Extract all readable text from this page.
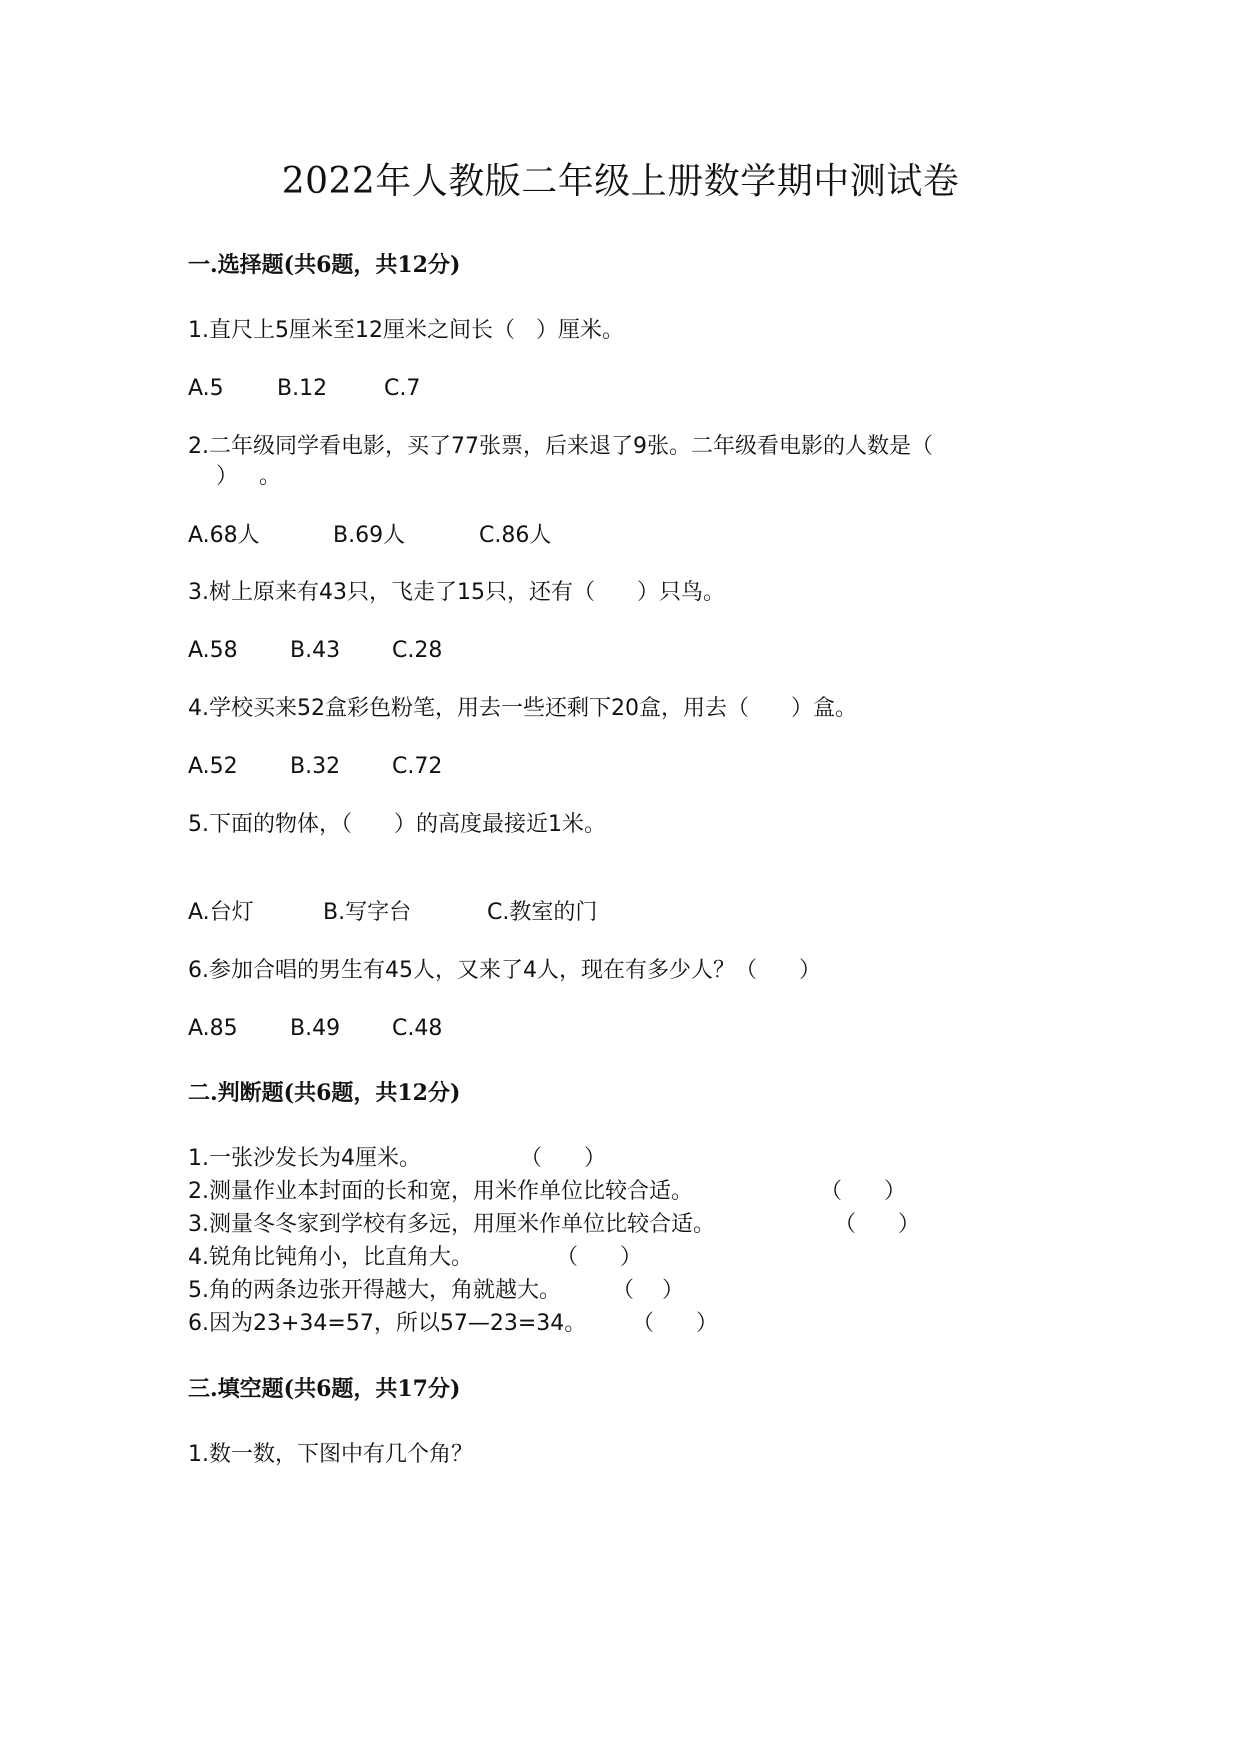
2022年人教版二年级上册数学期中测试卷
一.选择题(共6题，共12分)
1.直尺上5厘米至12厘米之间长（   ）厘米。
A.5 B.12	C.7
2.二年级同学看电影，买了77张票，后来退了9张。二年级看电影的人数是（
）   。
A.68人	B.69人	C.86人
3.树上原来有43只，飞走了15只，还有（      ）只鸟。
A.58 B.43 C.28
4.学校买来52盒彩色粉笔，用去一些还剩下20盒，用去（      ）盒。
A.52 B.32 C.72
5.下面的物体，（      ）的高度最接近1米。
A.台灯	B.写字台	C.教室的门
6.参加合唱的男生有45人，又来了4人，现在有多少人？（      ）
A.85 B.49 C.48
二.判断题(共6题，共12分)
1.一张沙发长为4厘米。	（      ）
2.测量作业本封面的长和宽，用米作单位比较合适。	（      ）
3.测量冬冬家到学校有多远，用厘米作单位比较合适。	（      ）
4.锐角比钝角小，比直角大。	（      ）
5.角的两条边张开得越大，角就越大。 （    ）
6.因为23+34=57，所以57—23=34。 （      ）
三.填空题(共6题，共17分)
1.数一数，下图中有几个角？
